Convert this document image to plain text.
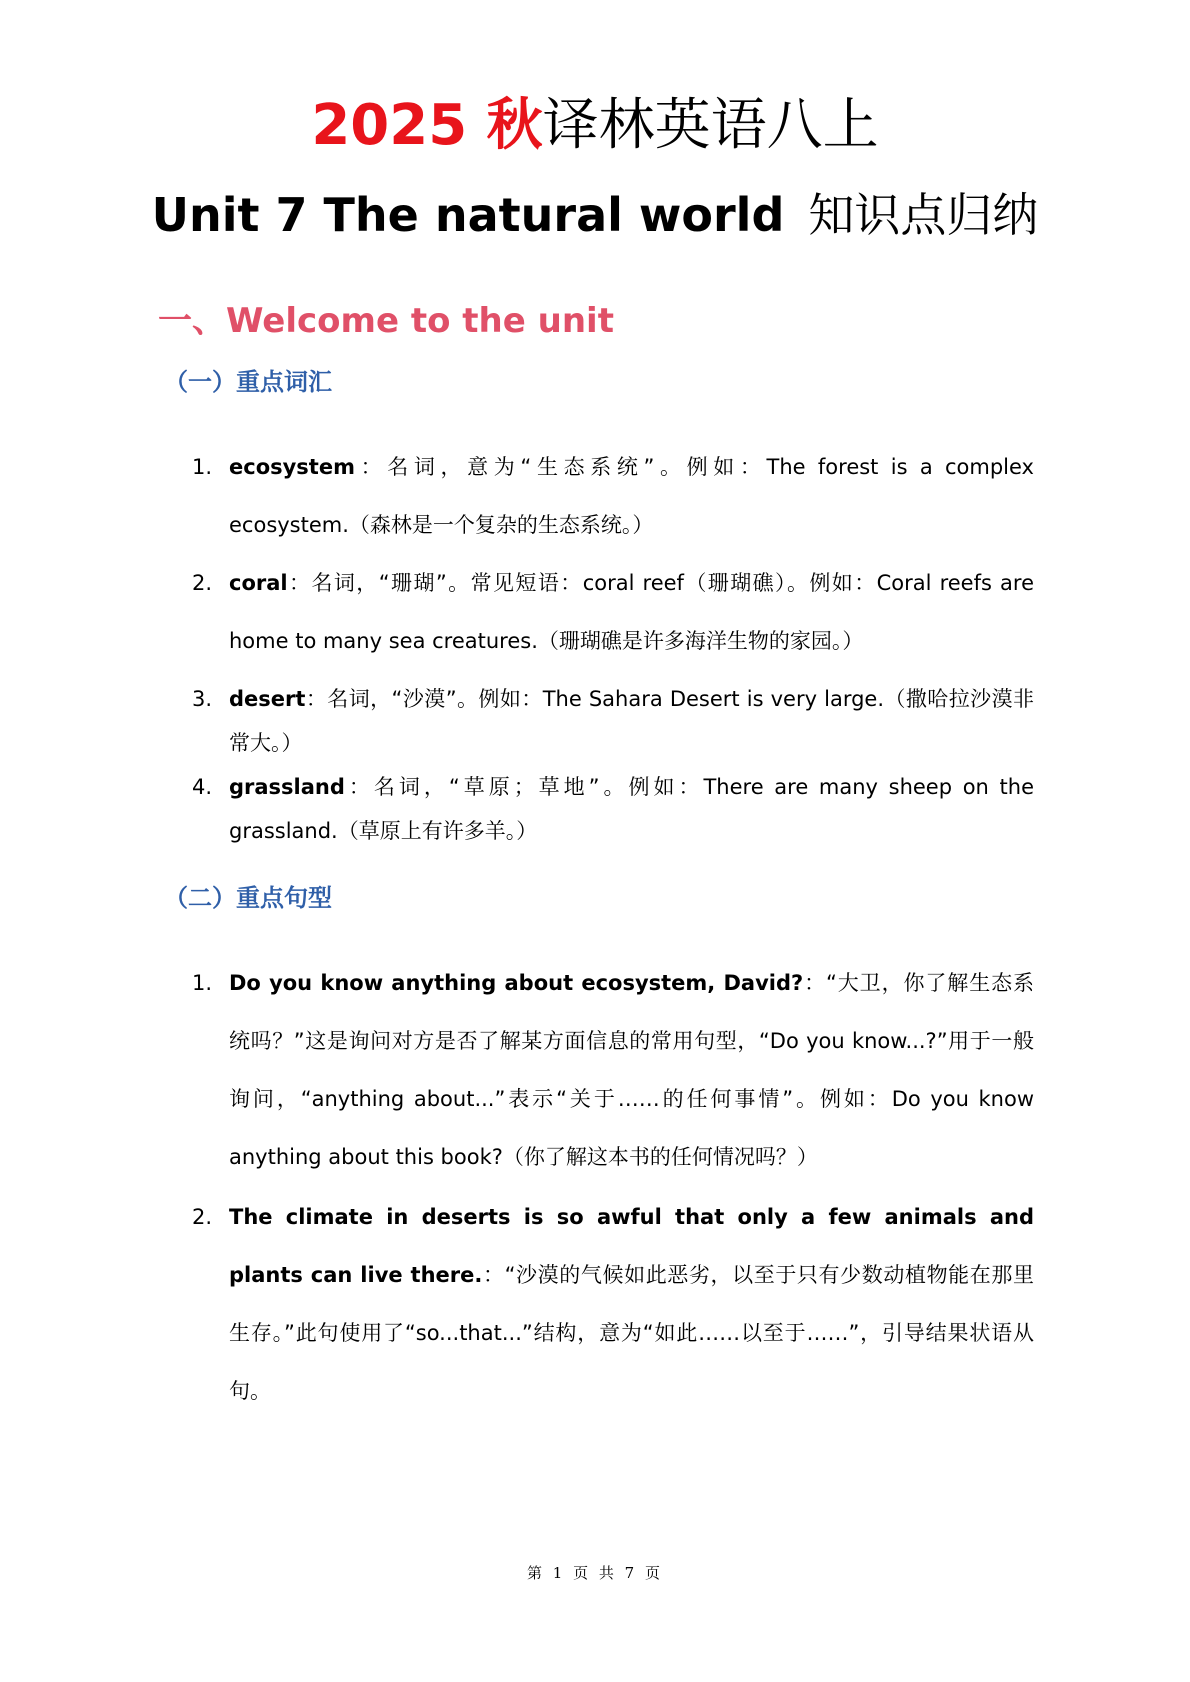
2025 秋译林英语八上
Unit 7 The natural world 知识点归纳
一、Welcome to the unit
（一）重点词汇
1. ecosystem：名词，意为“生态系统”。例如：The forest is a complex ecosystem.（森林是一个复杂的生态系统。）
2. coral：名词，“珊瑚”。常见短语：coral reef（珊瑚礁）。例如：Coral reefs are home to many sea creatures.（珊瑚礁是许多海洋生物的家园。）
3. desert：名词，“沙漠”。例如：The Sahara Desert is very large.（撒哈拉沙漠非常大。）
4. grassland：名词，“草原；草地”。例如：There are many sheep on the grassland.（草原上有许多羊。）
（二）重点句型
1. Do you know anything about ecosystem, David?：“大卫，你了解生态系统吗？”这是询问对方是否了解某方面信息的常用句型，“Do you know...?”用于一般询问，“anything about...”表示“关于……的任何事情”。例如：Do you know anything about this book?（你了解这本书的任何情况吗？）
2. The climate in deserts is so awful that only a few animals and plants can live there.：“沙漠的气候如此恶劣，以至于只有少数动植物能在那里生存。”此句使用了“so...that...”结构，意为“如此……以至于……”，引导结果状语从句。
第 1 页 共 7 页
